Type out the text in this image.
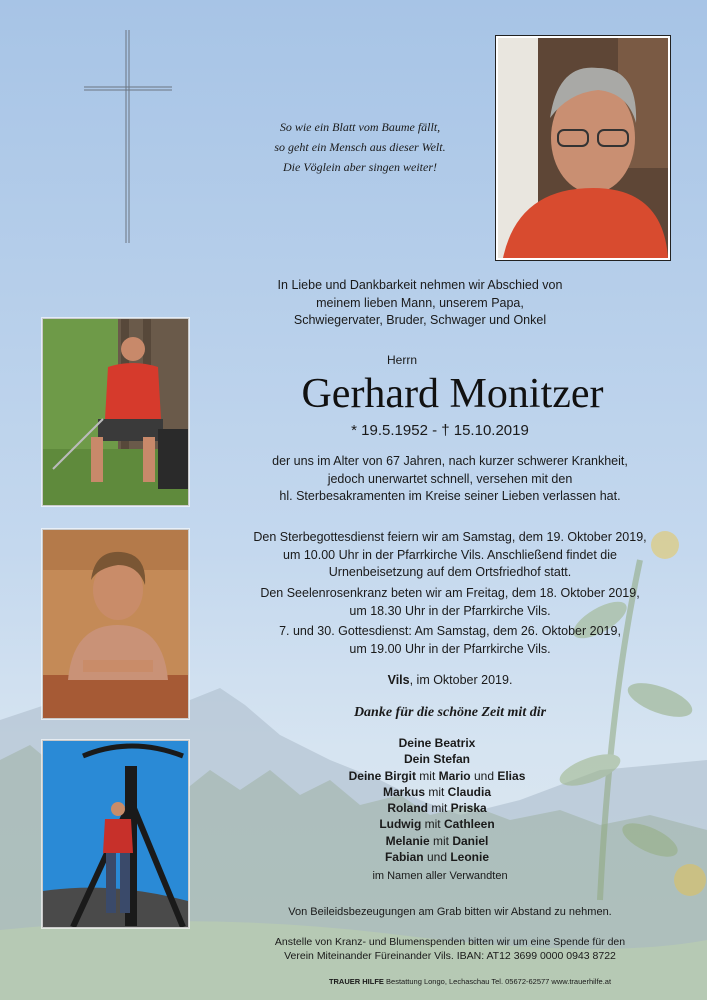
So wie ein Blatt vom Baume fällt,
so geht ein Mensch aus dieser Welt.
Die Vöglein aber singen weiter!
In Liebe und Dankbarkeit nehmen wir Abschied von
meinem lieben Mann, unserem Papa,
Schwiegervater, Bruder, Schwager und Onkel
Herrn
Gerhard Monitzer
* 19.5.1952 - † 15.10.2019
der uns im Alter von 67 Jahren, nach kurzer schwerer Krankheit,
jedoch unerwartet schnell, versehen mit den
hl. Sterbesakramenten im Kreise seiner Lieben verlassen hat.
Den Sterbegottesdienst feiern wir am Samstag, dem 19. Oktober 2019,
um 10.00 Uhr in der Pfarrkirche Vils. Anschließend findet die
Urnenbeisetzung auf dem Ortsfriedhof statt.
Den Seelenrosenkranz beten wir am Freitag, dem 18. Oktober 2019,
um 18.30 Uhr in der Pfarrkirche Vils.
7. und 30. Gottesdienst: Am Samstag, dem 26. Oktober 2019,
um 19.00 Uhr in der Pfarrkirche Vils.
Vils, im Oktober 2019.
Danke für die schöne Zeit mit dir
Deine Beatrix
Dein Stefan
Deine Birgit mit Mario und Elias
Markus mit Claudia
Roland mit Priska
Ludwig mit Cathleen
Melanie mit Daniel
Fabian und Leonie
im Namen aller Verwandten
Von Beileidsbezeugungen am Grab bitten wir Abstand zu nehmen.
Anstelle von Kranz- und Blumenspenden bitten wir um eine Spende für den
Verein Miteinander Füreinander Vils. IBAN: AT12 3699 0000 0943 8722
TRAUER HILFE Bestattung Longo, Lechaschau Tel. 05672-62577 www.trauerhilfe.at
